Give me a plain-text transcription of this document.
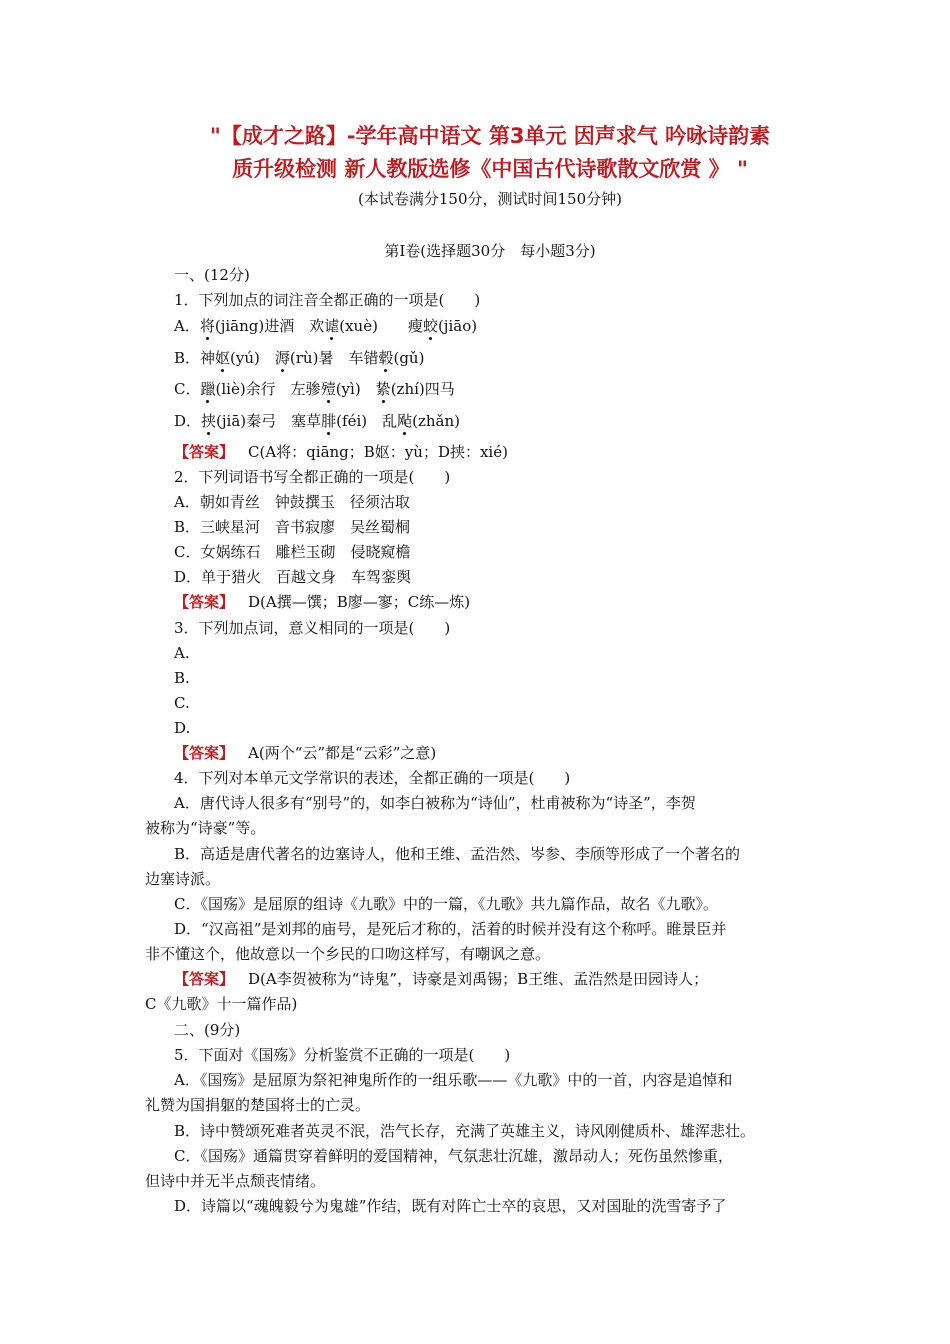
"【成才之路】-学年高中语文 第3单元 因声求气 吟咏诗韵素
质升级检测 新人教版选修《中国古代诗歌散文欣赏 》 "
(本试卷满分150分，测试时间150分钟)
第Ⅰ卷(选择题30分　每小题3分)
一、(12分)
1．下列加点的词注音全都正确的一项是(　　)
A．将(jiāng)进酒　欢谑(xuè)　　瘦蛟(jiāo)
B．神妪(yú)　溽(rù)暑　车错毂(gǔ)
C．躐(liè)余行　左骖殪(yì)　絷(zhí)四马
D．挟(jiā)秦弓　塞草腓(féi)　乱飐(zhǎn)
【答案】 C(A将：qiāng；B妪：yù；D挟：xié)
2．下列词语书写全都正确的一项是(　　)
A．朝如青丝　钟鼓撰玉　径须沽取
B．三峡星河　音书寂廖　吴丝蜀桐
C．女娲练石　雕栏玉砌　侵晓窥檐
D．单于猎火　百越文身　车驾銮舆
【答案】 D(A撰—馔；B廖—寥；C练—炼)
3．下列加点词，意义相同的一项是(　　)
A.
B.
C.
D.
【答案】 A(两个“云”都是“云彩”之意)
4．下列对本单元文学常识的表述，全都正确的一项是(　　)
A．唐代诗人很多有“别号”的，如李白被称为“诗仙”，杜甫被称为“诗圣”，李贺
被称为“诗豪”等。
B．高适是唐代著名的边塞诗人，他和王维、孟浩然、岑参、李颀等形成了一个著名的
边塞诗派。
C．《国殇》是屈原的组诗《九歌》中的一篇，《九歌》共九篇作品，故名《九歌》。
D．“汉高祖”是刘邦的庙号，是死后才称的，活着的时候并没有这个称呼。睢景臣并
非不懂这个，他故意以一个乡民的口吻这样写，有嘲讽之意。
【答案】 D(A李贺被称为“诗鬼”，诗豪是刘禹锡；B王维、孟浩然是田园诗人；
C《九歌》十一篇作品)
二、(9分)
5．下面对《国殇》分析鉴赏不正确的一项是(　　)
A．《国殇》是屈原为祭祀神鬼所作的一组乐歌——《九歌》中的一首，内容是追悼和
礼赞为国捐躯的楚国将士的亡灵。
B．诗中赞颂死难者英灵不泯，浩气长存，充满了英雄主义，诗风刚健质朴、雄浑悲壮。
C．《国殇》通篇贯穿着鲜明的爱国精神，气氛悲壮沉雄，激昂动人；死伤虽然惨重，
但诗中并无半点颓丧情绪。
D．诗篇以“魂魄毅兮为鬼雄”作结，既有对阵亡士卒的哀思，又对国耻的洗雪寄予了
